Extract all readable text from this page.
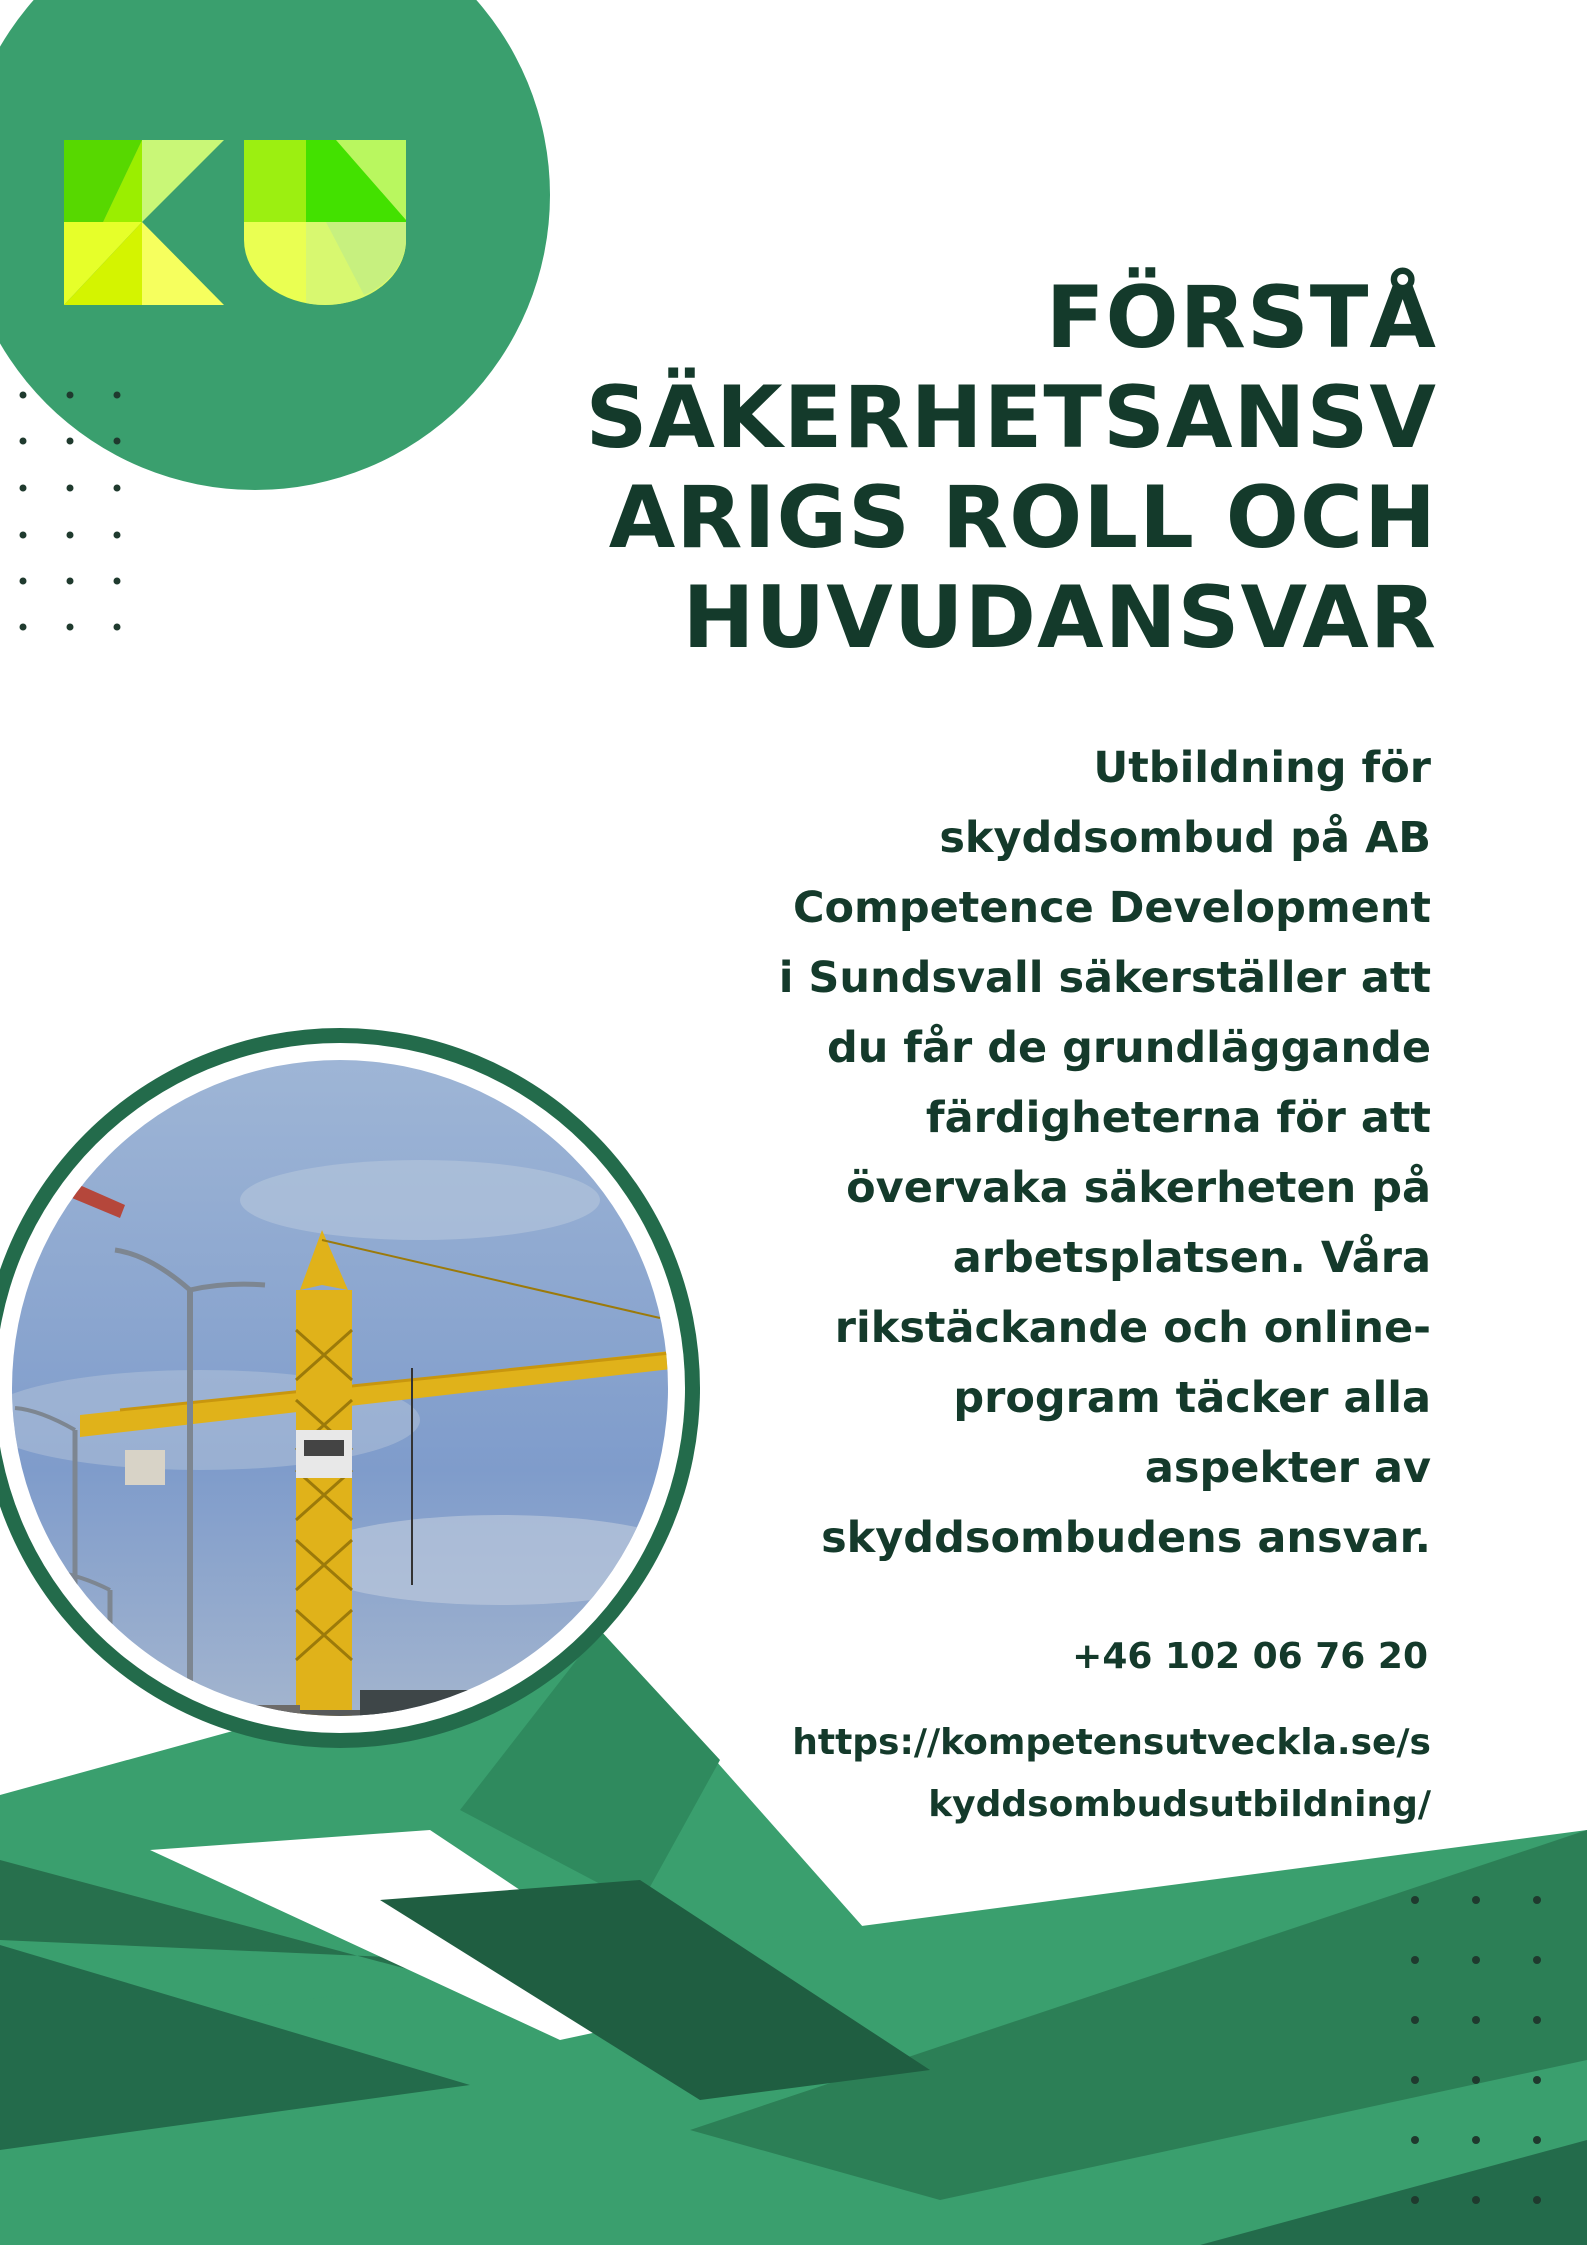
FÖRSTÅ
SÄKERHETSANSV
ARIGS ROLL OCH
HUVUDANSVAR

Utbildning för
skyddsombud på AB
Competence Development
i Sundsvall säkerställer att
du får de grundläggande
färdigheterna för att
övervaka säkerheten på
arbetsplatsen. Våra
rikstäckande och online-
program täcker alla
aspekter av
skyddsombudens ansvar.

+46 102 06 76 20
https://kompetensutveckla.se/s
kyddsombudsutbildning/
